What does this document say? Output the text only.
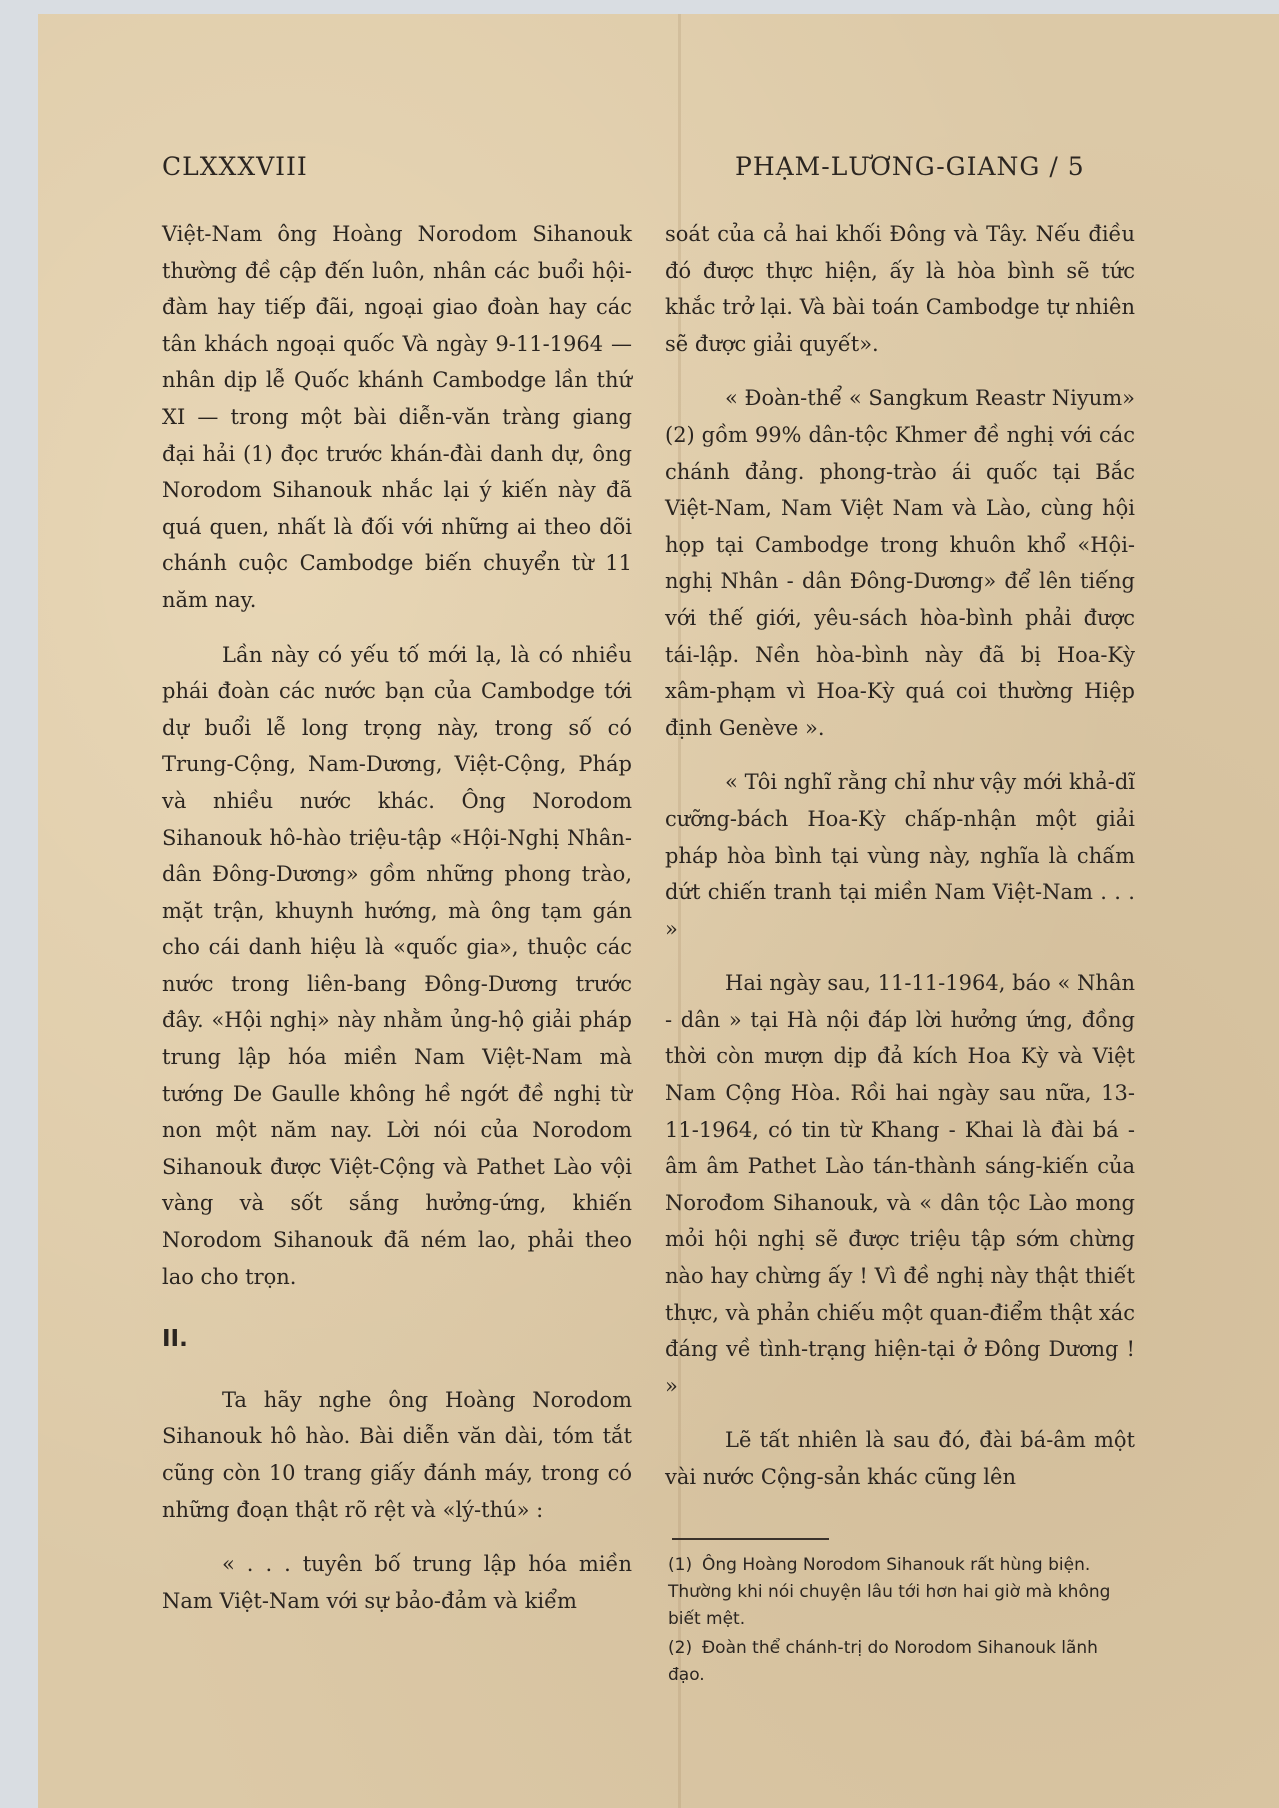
CLXXXVIII	PHẠM-LƯƠNG-GIANG / 5

Việt-Nam ông Hoàng Norodom Sihanouk thường đề cập đến luôn, nhân các buổi hội-đàm hay tiếp đãi, ngoại giao đoàn hay các tân khách ngoại quốc Và ngày 9-11-1964 — nhân dịp lễ Quốc khánh Cambodge lần thứ XI — trong một bài diễn-văn tràng giang đại hải (1) đọc trước khán-đài danh dự, ông Norodom Sihanouk nhắc lại ý kiến này đã quá quen, nhất là đối với những ai theo dõi chánh cuộc Cambodge biến chuyển từ 11 năm nay.

Lần này có yếu tố mới lạ, là có nhiều phái đoàn các nước bạn của Cambodge tới dự buổi lễ long trọng này, trong số có Trung-Cộng, Nam-Dương, Việt-Cộng, Pháp và nhiều nước khác. Ông Norodom Sihanouk hô-hào triệu-tập «Hội-Nghị Nhân-dân Đông-Dương» gồm những phong trào, mặt trận, khuynh hướng, mà ông tạm gán cho cái danh hiệu là «quốc gia», thuộc các nước trong liên-bang Đông-Dương trước đây. «Hội nghị» này nhằm ủng-hộ giải pháp trung lập hóa miền Nam Việt-Nam mà tướng De Gaulle không hề ngớt đề nghị từ non một năm nay. Lời nói của Norodom Sihanouk được Việt-Cộng và Pathet Lào vội vàng và sốt sắng hưởng-ứng, khiến Norodom Sihanouk đã ném lao, phải theo lao cho trọn.

II.

Ta hãy nghe ông Hoàng Norodom Sihanouk hô hào. Bài diễn văn dài, tóm tắt cũng còn 10 trang giấy đánh máy, trong có những đoạn thật rõ rệt và «lý-thú» :

« . . . tuyên bố trung lập hóa miền Nam Việt-Nam với sự bảo-đảm và kiểm

soát của cả hai khối Đông và Tây. Nếu điều đó được thực hiện, ấy là hòa bình sẽ tức khắc trở lại. Và bài toán Cambodge tự nhiên sẽ được giải quyết».

« Đoàn-thể « Sangkum Reastr Niyum» (2) gồm 99% dân-tộc Khmer đề nghị với các chánh đảng. phong-trào ái quốc tại Bắc Việt-Nam, Nam Việt Nam và Lào, cùng hội họp tại Cambodge trong khuôn khổ «Hội-nghị Nhân - dân Đông-Dương» để lên tiếng với thế giới, yêu-sách hòa-bình phải được tái-lập. Nền hòa-bình này đã bị Hoa-Kỳ xâm-phạm vì Hoa-Kỳ quá coi thường Hiệp định Genève ».

« Tôi nghĩ rằng chỉ như vậy mới khả-dĩ cưỡng-bách Hoa-Kỳ chấp-nhận một giải pháp hòa bình tại vùng này, nghĩa là chấm dứt chiến tranh tại miền Nam Việt-Nam . . . »

Hai ngày sau, 11-11-1964, báo « Nhân - dân » tại Hà nội đáp lời hưởng ứng, đồng thời còn mượn dịp đả kích Hoa Kỳ và Việt Nam Cộng Hòa. Rồi hai ngày sau nữa, 13-11-1964, có tin từ Khang - Khai là đài bá - âm âm Pathet Lào tán-thành sáng-kiến của Norođom Sihanouk, và « dân tộc Lào mong mỏi hội nghị sẽ được triệu tập sớm chừng nào hay chừng ấy ! Vì đề nghị này thật thiết thực, và phản chiếu một quan-điểm thật xác đáng về tình-trạng hiện-tại ở Đông Dương ! »

Lẽ tất nhiên là sau đó, đài bá-âm một vài nước Cộng-sản khác cũng lên

(1) Ông Hoàng Norodom Sihanouk rất hùng biện. Thường khi nói chuyện lâu tới hơn hai giờ mà không biết mệt.
(2) Đoàn thể chánh-trị do Norodom Sihanouk lãnh đạo.
